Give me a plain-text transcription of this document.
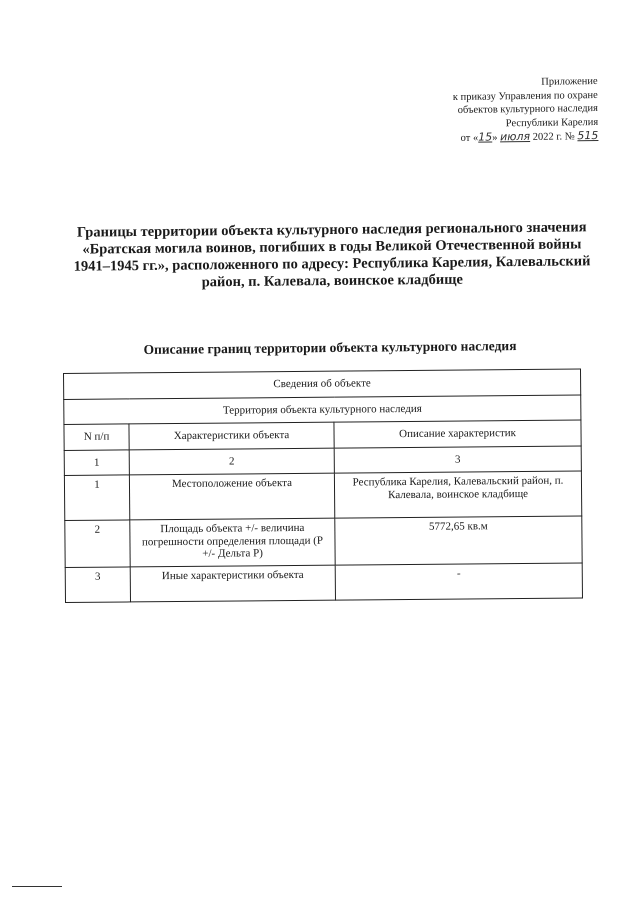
Приложение
к приказу Управления по охране
объектов культурного наследия
Республики Карелия
от «15» июля 2022 г. № 515
Границы территории объекта культурного наследия регионального значения «Братская могила воинов, погибших в годы Великой Отечественной войны 1941–1945 гг.», расположенного по адресу: Республика Карелия, Калевальский район, п. Калевала, воинское кладбище
Описание границ территории объекта культурного наследия
Сведения об объекте		
Территория объекта культурного наследия		
N п/п	Характеристики объекта	Описание характеристик
1	2	3
1	Местоположение объекта	Республика Карелия, Калевальский район, п. Калевала, воинское кладбище
2	Площадь объекта +/- величина погрешности определения площади (Р +/- Дельта Р)	5772,65 кв.м
3	Иные характеристики объекта	-
